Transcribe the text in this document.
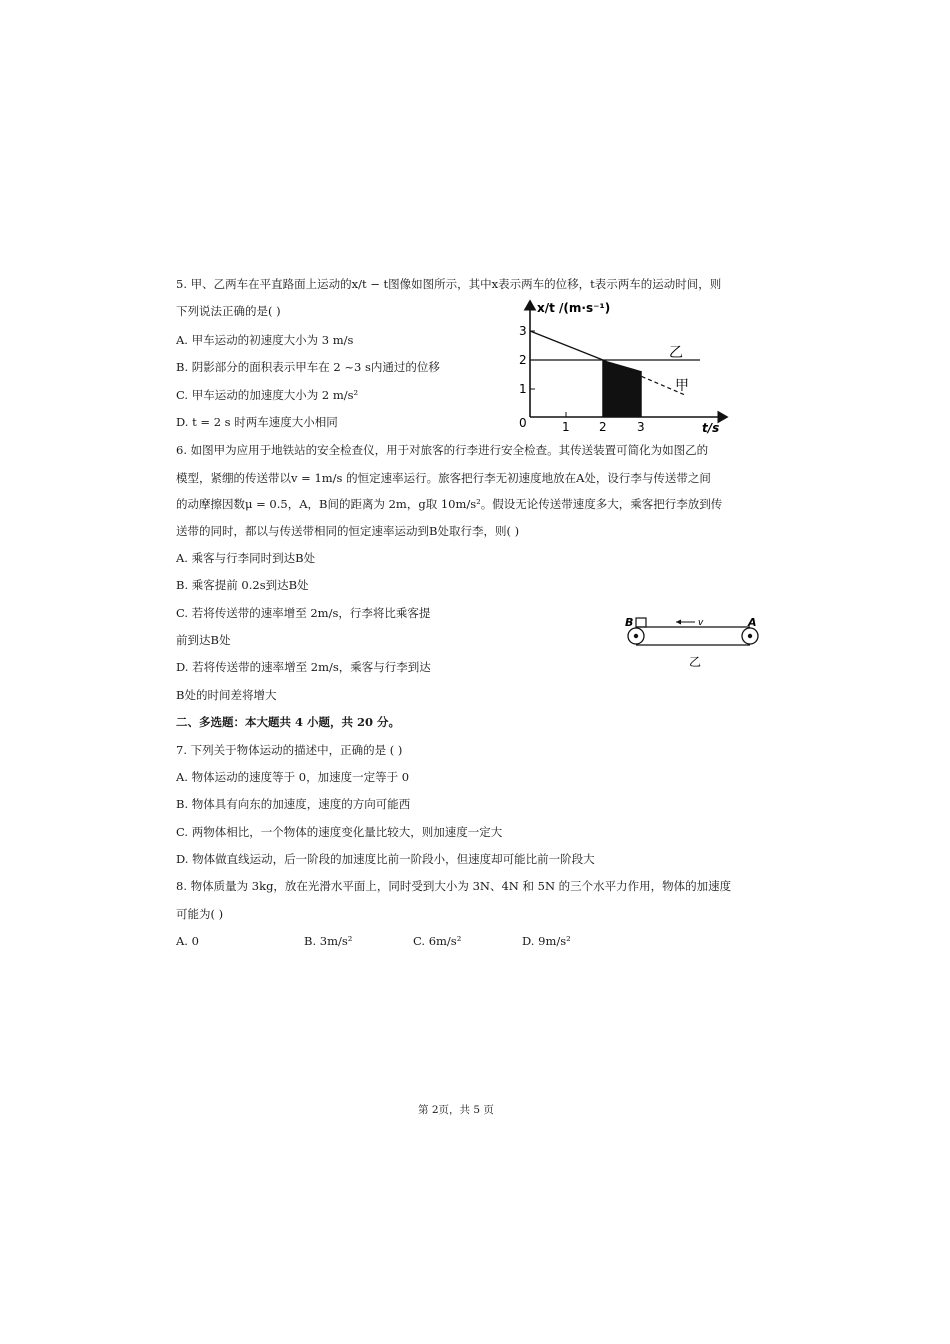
5. 甲、乙两车在平直路面上运动的x/t − t图像如图所示，其中x表示两车的位移，t表示两车的运动时间，则
下列说法正确的是( )
A. 甲车运动的初速度大小为 3 m/s
B. 阴影部分的面积表示甲车在 2 ~3 s内通过的位移
C. 甲车运动的加速度大小为 2 m/s²
D. t = 2 s 时两车速度大小相同
x/t /(m·s⁻¹)
t/s
0
3
2
1
1 2	3
乙
甲
6. 如图甲为应用于地铁站的安全检查仪，用于对旅客的行李进行安全检查。其传送装置可简化为如图乙的
模型，紧绷的传送带以v = 1m/s 的恒定速率运行。旅客把行李无初速度地放在A处，设行李与传送带之间
的动摩擦因数μ = 0.5，A，B间的距离为 2m，g取 10m/s²。假设无论传送带速度多大，乘客把行李放到传
送带的同时，都以与传送带相同的恒定速率运动到B处取行李，则( )
A. 乘客与行李同时到达B处
B. 乘客提前 0.2s到达B处
C. 若将传送带的速率增至 2m/s，行李将比乘客提
前到达B处
D. 若将传送带的速率增至 2m/s，乘客与行李到达
B处的时间差将增大
v
B	A
乙
二、多选题：本大题共 4 小题，共 20 分。
7. 下列关于物体运动的描述中，正确的是 ( )
A. 物体运动的速度等于 0，加速度一定等于 0
B. 物体具有向东的加速度，速度的方向可能西
C. 两物体相比，一个物体的速度变化量比较大，则加速度一定大
D. 物体做直线运动，后一阶段的加速度比前一阶段小，但速度却可能比前一阶段大
8. 物体质量为 3kg，放在光滑水平面上，同时受到大小为 3N、4N 和 5N 的三个水平力作用，物体的加速度
可能为( )
A. 0	B. 3m/s²	C. 6m/s²	D. 9m/s²
第 2页，共 5 页
